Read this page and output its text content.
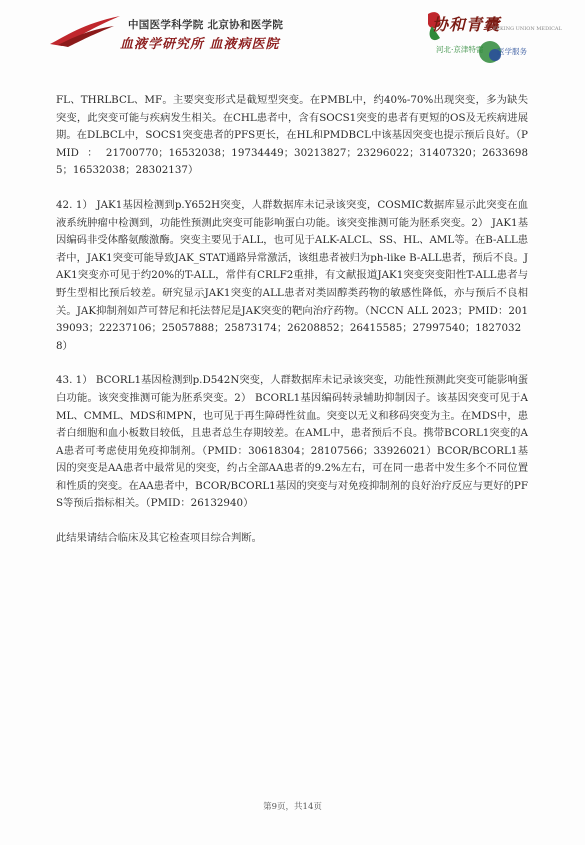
中国医学科学院 北京协和医学院
血液学研究所 血液病医院
协和青囊
PEKING UNION MEDICAL
河北·京津特需 医学服务

FL、THRLBCL、MF。主要突变形式是截短型突变。在PMBL中，约40%-70%出现突变，多为缺失突变，此突变可能与疾病发生相关。在CHL患者中，含有SOCS1突变的患者有更短的OS及无疾病进展期。在DLBCL中，SOCS1突变患者的PFS更长，在HL和PMDBCL中该基因突变也提示预后良好。（PMID：21700770；16532038；19734449；30213827；23296022；31407320；26336985；16532038；28302137）

42. 1） JAK1基因检测到p.Y652H突变，人群数据库未记录该突变，COSMIC数据库显示此突变在血液系统肿瘤中检测到，功能性预测此突变可能影响蛋白功能。该突变推测可能为胚系突变。2） JAK1基因编码非受体酪氨酸激酶。突变主要见于ALL，也可见于ALK-ALCL、SS、HL、AML等。在B-ALL患者中，JAK1突变可能导致JAK_STAT通路异常激活，该组患者被归为ph-like B-ALL患者，预后不良。JAK1突变亦可见于约20%的T-ALL，常伴有CRLF2重排，有文献报道JAK1突变突变阳性T-ALL患者与野生型相比预后较差。研究显示JAK1突变的ALL患者对类固醇类药物的敏感性降低，亦与预后不良相关。JAK抑制剂如芦可替尼和托法替尼是JAK突变的靶向治疗药物。（NCCN ALL 2023；PMID：20139093；22237106；25057888；25873174；26208852；26415585；27997540；18270328）

43. 1） BCORL1基因检测到p.D542N突变，人群数据库未记录该突变，功能性预测此突变可能影响蛋白功能。该突变推测可能为胚系突变。2） BCORL1基因编码转录辅助抑制因子。该基因突变可见于AML、CMML、MDS和MPN，也可见于再生障碍性贫血。突变以无义和移码突变为主。在MDS中，患者白细胞和血小板数目较低，且患者总生存期较差。在AML中，患者预后不良。携带BCORL1突变的AA患者可考虑使用免疫抑制剂。（PMID：30618304；28107566；33926021）BCOR/BCORL1基因的突变是AA患者中最常见的突变，约占全部AA患者的9.2%左右，可在同一患者中发生多个不同位置和性质的突变。在AA患者中，BCOR/BCORL1基因的突变与对免疫抑制剂的良好治疗反应与更好的PFS等预后指标相关。（PMID：26132940）

此结果请结合临床及其它检查项目综合判断。

第9页，共14页
